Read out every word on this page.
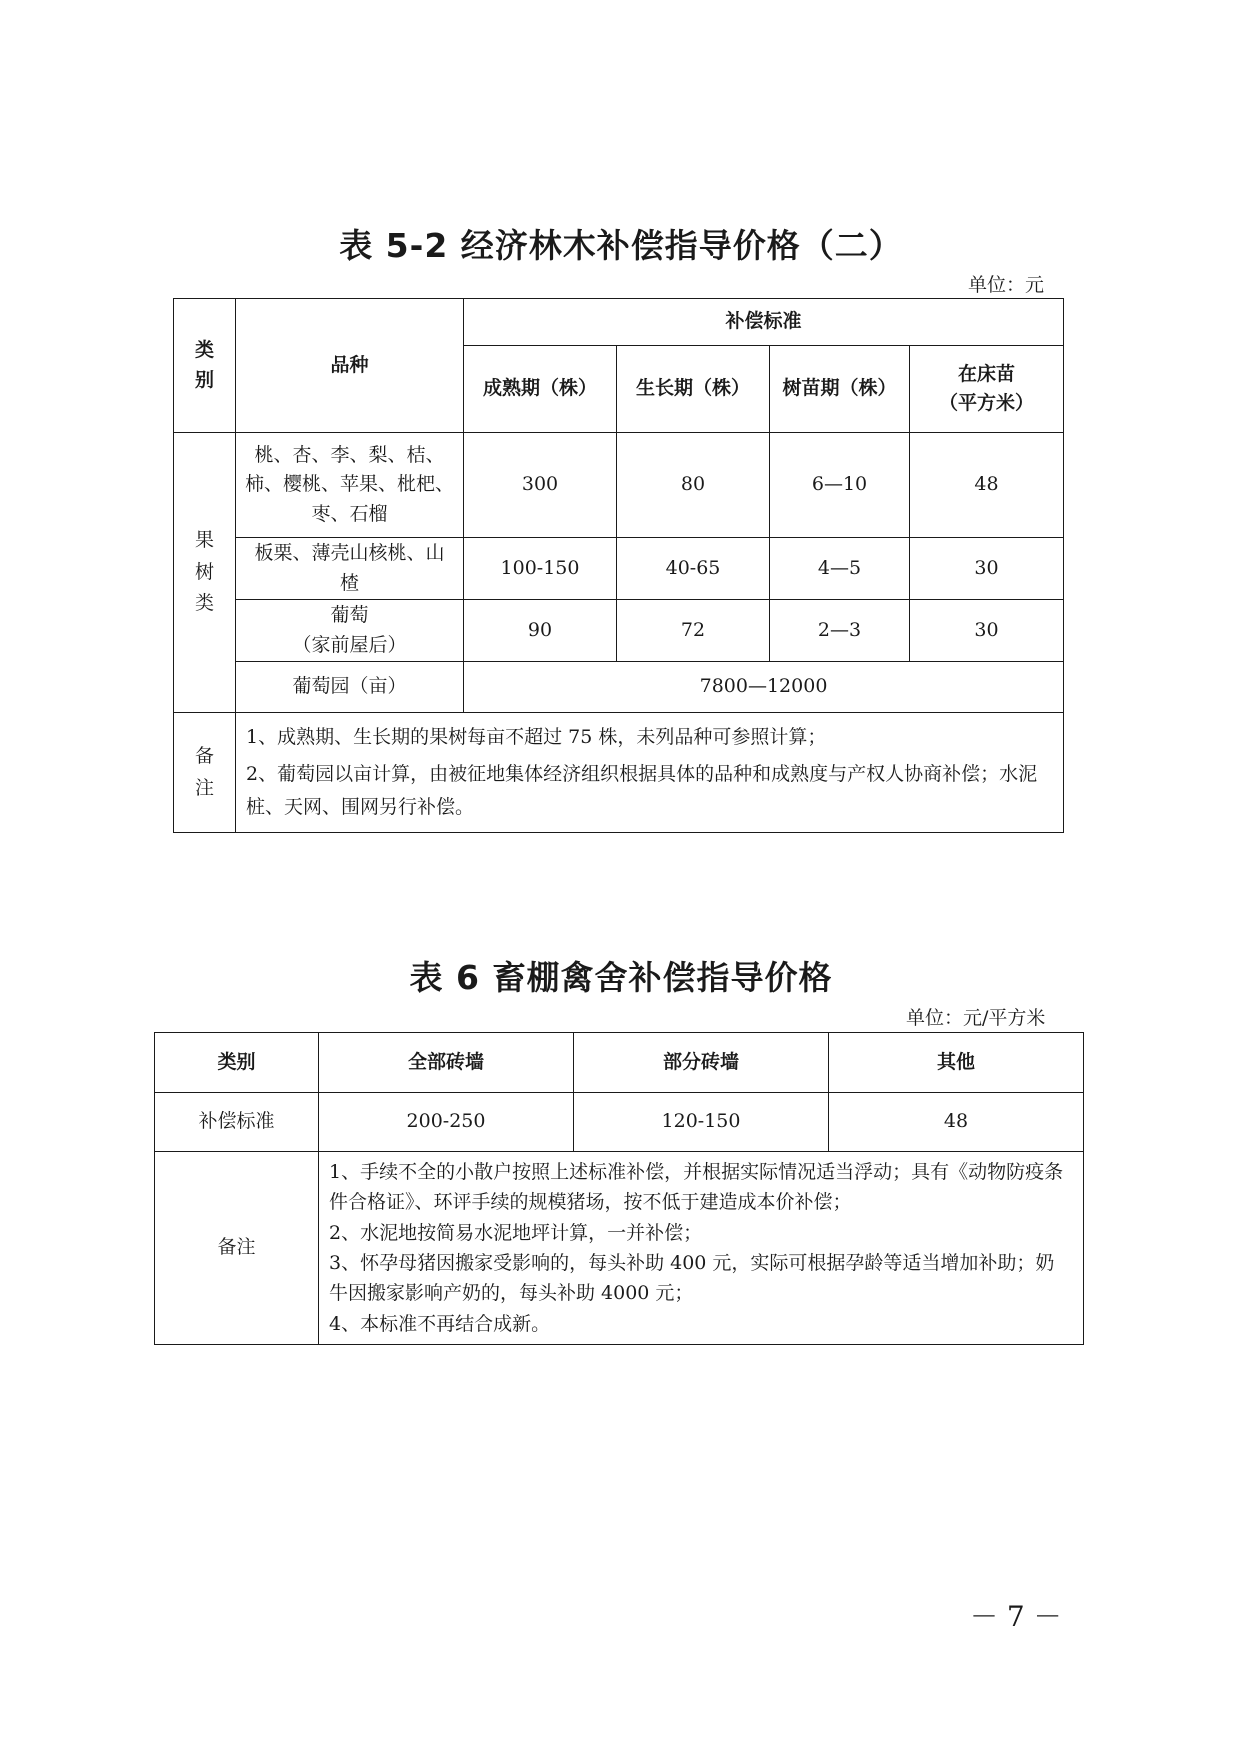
表 5-2 经济林木补偿指导价格（二）
单位：元
类
别	品种	补偿标准			
		成熟期（株）	生长期（株）	树苗期（株）	在床苗
（平方米）
果
树
类	桃、杏、李、梨、桔、
柿、樱桃、苹果、枇杷、
枣、石榴	300	80	6—10	48
	板栗、薄壳山核桃、山
楂	100-150	40-65	4—5	30
	葡萄
（家前屋后）	90	72	2—3	30
	葡萄园（亩）	7800—12000			
备
注	1、成熟期、生长期的果树每亩不超过 75 株，未列品种可参照计算；
2、葡萄园以亩计算，由被征地集体经济组织根据具体的品种和成熟度与产权人协商补偿；水泥桩、天网、围网另行补偿。				
表 6 畜棚禽舍补偿指导价格
单位：元/平方米
类别	全部砖墙	部分砖墙	其他
补偿标准	200-250	120-150	48
备注	1、手续不全的小散户按照上述标准补偿，并根据实际情况适当浮动；具有《动物防疫条件合格证》、环评手续的规模猪场，按不低于建造成本价补偿；
2、水泥地按简易水泥地坪计算，一并补偿；
3、怀孕母猪因搬家受影响的，每头补助 400 元，实际可根据孕龄等适当增加补助；奶牛因搬家影响产奶的，每头补助 4000 元；
4、本标准不再结合成新。		
－ 7 －
